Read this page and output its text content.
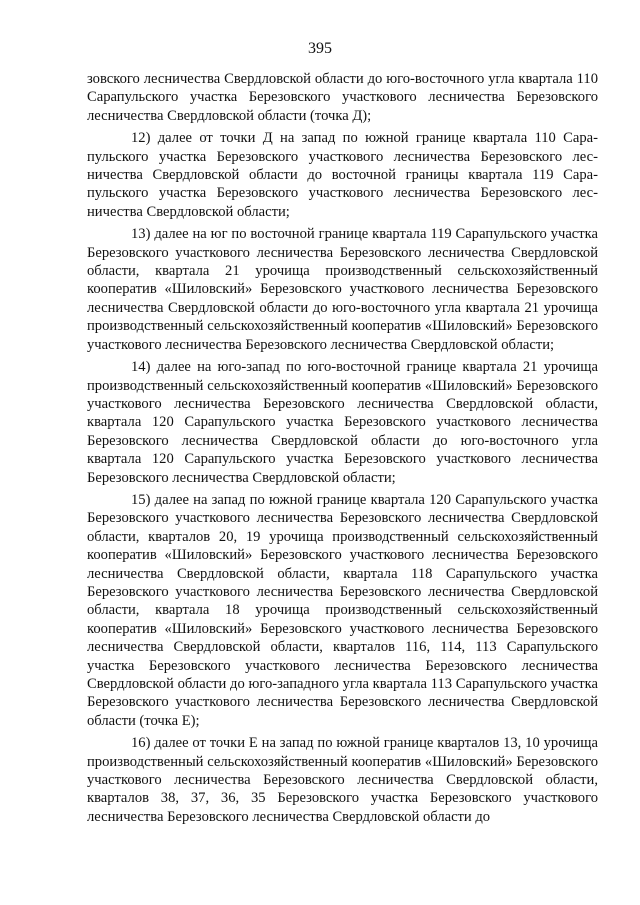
395

зовского лесничества Свердловской области до юго-восточного угла квартала 110 Сарапульского участка Березовского участкового лесничества Березовского лесничества Свердловской области (точка Д);

12) далее от точки Д на запад по южной границе квартала 110 Сарапульского участка Березовского участкового лесничества Березовского лесничества Свердловской области до восточной границы квартала 119 Сарапульского участка Березовского участкового лесничества Березовского лесничества Свердловской области;

13) далее на юг по восточной границе квартала 119 Сарапульского участка Березовского участкового лесничества Березовского лесничества Свердловской области, квартала 21 урочища производственный сельскохозяйственный кооператив «Шиловский» Березовского участкового лесничества Березовского лесничества Свердловской области до юго-восточного угла квартала 21 урочища производственный сельскохозяйственный кооператив «Шиловский» Березовского участкового лесничества Березовского лесничества Свердловской области;

14) далее на юго-запад по юго-восточной границе квартала 21 урочища производственный сельскохозяйственный кооператив «Шиловский» Березовского участкового лесничества Березовского лесничества Свердловской области, квартала 120 Сарапульского участка Березовского участкового лесничества Березовского лесничества Свердловской области до юго-восточного угла квартала 120 Сарапульского участка Березовского участкового лесничества Березовского лесничества Свердловской области;

15) далее на запад по южной границе квартала 120 Сарапульского участка Березовского участкового лесничества Березовского лесничества Свердловской области, кварталов 20, 19 урочища производственный сельскохозяйственный кооператив «Шиловский» Березовского участкового лесничества Березовского лесничества Свердловской области, квартала 118 Сарапульского участка Березовского участкового лесничества Березовского лесничества Свердловской области, квартала 18 урочища производственный сельскохозяйственный кооператив «Шиловский» Березовского участкового лесничества Березовского лесничества Свердловской области, кварталов 116, 114, 113 Сарапульского участка Березовского участкового лесничества Березовского лесничества Свердловской области до юго-западного угла квартала 113 Сарапульского участка Березовского участкового лесничества Березовского лесничества Свердловской области (точка Е);

16) далее от точки Е на запад по южной границе кварталов 13, 10 урочища производственный сельскохозяйственный кооператив «Шиловский» Березовского участкового лесничества Березовского лесничества Свердловской области, кварталов 38, 37, 36, 35 Березовского участка Березовского участкового лесничества Березовского лесничества Свердловской области до
